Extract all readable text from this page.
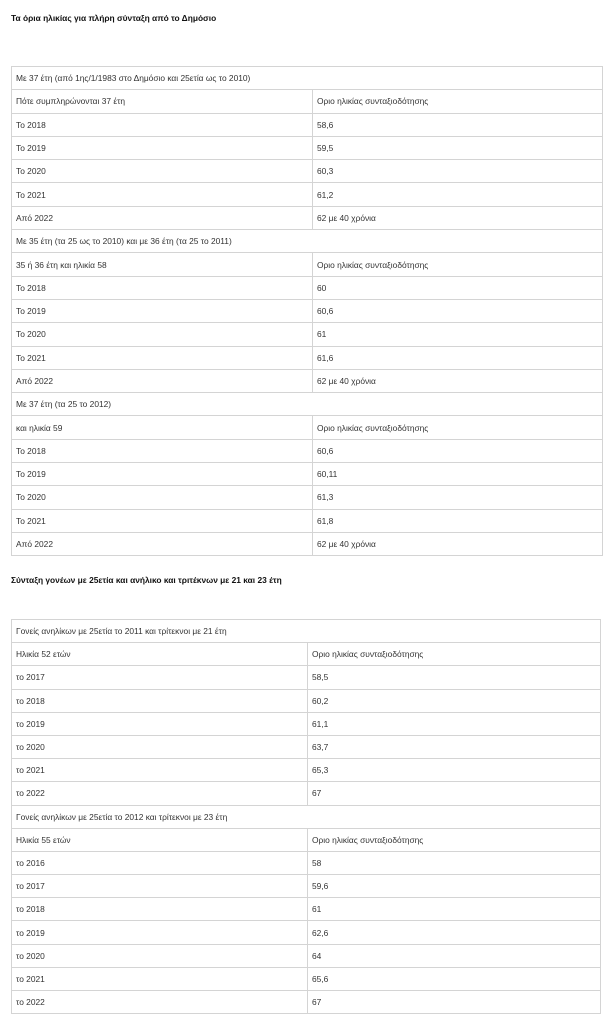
Τα όρια ηλικίας για πλήρη σύνταξη από το Δημόσιο
Με 37 έτη (από 1ης/1/1983 στο Δημόσιο και 25ετία ως το 2010)	
Πότε συμπληρώνονται 37 έτη	Οριο ηλικίας συνταξιοδότησης
Το 2018	58,6
Το 2019	59,5
Το 2020	60,3
Το 2021	61,2
Από 2022	62 με 40 χρόνια
Με 35 έτη (τα 25 ως το 2010) και με 36 έτη (τα 25 το 2011)	
35 ή 36 έτη και ηλικία 58	Οριο ηλικίας συνταξιοδότησης
Το 2018	60
Το 2019	60,6
Το 2020	61
Το 2021	61,6
Από 2022	62 με 40 χρόνια
Με 37 έτη (τα 25 το 2012)	
και ηλικία 59	Οριο ηλικίας συνταξιοδότησης
Το 2018	60,6
Το 2019	60,11
Το 2020	61,3
Το 2021	61,8
Από 2022	62 με 40 χρόνια
Σύνταξη γονέων με 25ετία και ανήλικο και τριτέκνων με 21 και 23 έτη
Γονείς ανηλίκων με 25ετία το 2011 και τρίτεκνοι με 21 έτη	
Ηλικία 52 ετών	Οριο ηλικίας συνταξιοδότησης
το 2017	58,5
το 2018	60,2
το 2019	61,1
το 2020	63,7
το 2021	65,3
το 2022	67
Γονείς ανηλίκων με 25ετία το 2012 και τρίτεκνοι με 23 έτη	
Ηλικία 55 ετών	Οριο ηλικίας συνταξιοδότησης
το 2016	58
το 2017	59,6
το 2018	61
το 2019	62,6
το 2020	64
το 2021	65,6
το 2022	67
